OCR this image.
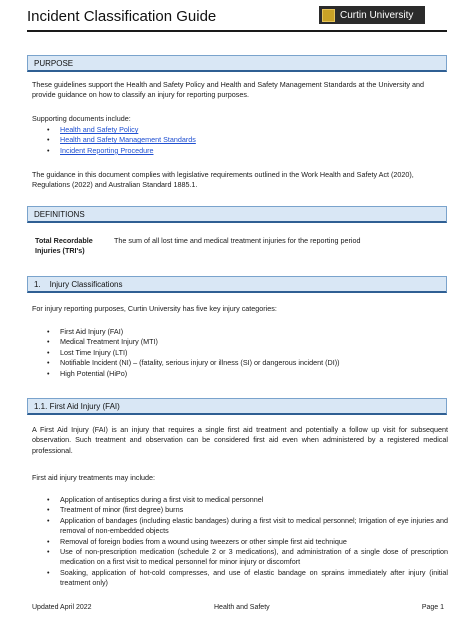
Incident Classification Guide	Curtin University
PURPOSE
These guidelines support the Health and Safety Policy and Health and Safety Management Standards at the University and provide guidance on how to classify an injury for reporting purposes.
Supporting documents include:
• Health and Safety Policy
• Health and Safety Management Standards
• Incident Reporting Procedure
The guidance in this document complies with legislative requirements outlined in the Work Health and Safety Act (2020), Regulations (2022) and Australian Standard 1885.1.
DEFINITIONS
Total Recordable Injuries (TRI's)
The sum of all lost time and medical treatment injuries for the reporting period
1.    Injury Classifications
For injury reporting purposes, Curtin University has five key injury categories:
• First Aid Injury (FAI)
• Medical Treatment Injury (MTI)
• Lost Time Injury (LTI)
• Notifiable Incident (NI) – (fatality, serious injury or illness (SI) or dangerous incident (DI))
• High Potential (HiPo)
1.1. First Aid Injury (FAI)
A First Aid Injury (FAI) is an injury that requires a single first aid treatment and potentially a follow up visit for subsequent observation. Such treatment and observation can be considered first aid even when administered by a registered medical professional.
First aid injury treatments may include:
• Application of antiseptics during a first visit to medical personnel
• Treatment of minor (first degree) burns
• Application of bandages (including elastic bandages) during a first visit to medical personnel; Irrigation of eye injuries and removal of non-embedded objects
• Removal of foreign bodies from a wound using tweezers or other simple first aid technique
• Use of non-prescription medication (schedule 2 or 3 medications), and administration of a single dose of prescription medication on a first visit to medical personnel for minor injury or discomfort
• Soaking, application of hot-cold compresses, and use of elastic bandage on sprains immediately after injury (initial treatment only)
Updated April 2022	Health and Safety	Page 1
